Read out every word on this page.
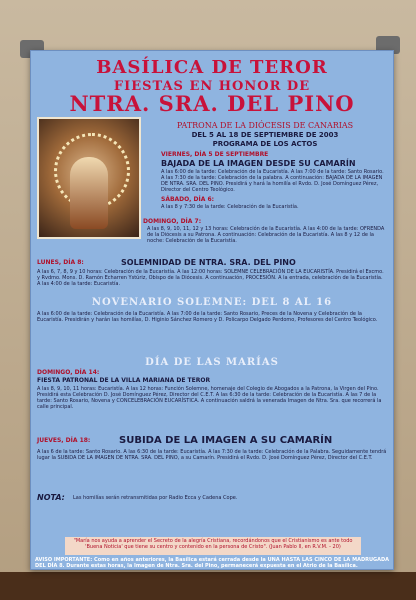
BASÍLICA DE TEROR
FIESTAS EN HONOR DE
NTRA. SRA. DEL PINO
PATRONA DE LA DIÓCESIS DE CANARIAS
DEL 5 AL 18 DE SEPTIEMBRE DE 2003
PROGRAMA DE LOS ACTOS
VIERNES, DÍA 5 DE SEPTIEMBRE
BAJADA DE LA IMAGEN DESDE SU CAMARÍN
A las 6:00 de la tarde: Celebración de la Eucaristía. A las 7:00 de la tarde: Santo Rosario. A las 7:30 de la tarde: Celebración de la palabra. A continuación: BAJADA DE LA IMAGEN DE NTRA. SRA. DEL PINO. Presidirá y hará la homilía el Rvdo. D. José Domínguez Pérez, Director del Centro Teológico.
SÁBADO, DÍA 6:
A las 8 y 7:30 de la tarde: Celebración de la Eucaristía.
DOMINGO, DÍA 7:
A las 8, 9, 10, 11, 12 y 13 horas: Celebración de la Eucaristía. A las 4:00 de la tarde: OFRENDA de la Diócesis a su Patrona. A continuación: Celebración de la Eucaristía. A las 8 y 12 de la noche: Celebración de la Eucaristía.
LUNES, DÍA 8:	SOLEMNIDAD DE NTRA. SRA. DEL PINO
A las 6, 7, 8, 9 y 10 horas: Celebración de la Eucaristía. A las 12:00 horas: SOLEMNE CELEBRACIÓN DE LA EUCARISTÍA. Presidirá el Excmo. y Rvdmo. Mons. D. Ramón Echarren Ystúriz, Obispo de la Diócesis. A continuación, PROCESIÓN. A la entrada, celebración de la Eucaristía. A las 4:00 de la tarde: Eucaristía.
NOVENARIO SOLEMNE: DEL 8 AL 16
A las 6:00 de la tarde: Celebración de la Eucaristía. A las 7:00 de la tarde: Santo Rosario, Preces de la Novena y Celebración de la Eucaristía. Presidirán y harán las homilías, D. Higinio Sánchez Romero y D. Policarpo Delgado Perdomo, Profesores del Centro Teológico.
DÍA DE LAS MARÍAS
DOMINGO, DÍA 14:
FIESTA PATRONAL DE LA VILLA MARIANA DE TEROR
A las 8, 9, 10, 11 horas: Eucaristía. A las 12 horas: Función Solemne, homenaje del Colegio de Abogados a la Patrona, la Virgen del Pino. Presidirá esta Celebración D. José Domínguez Pérez, Director del C.E.T. A las 6:30 de la tarde: Celebración de la Eucaristía. A las 7 de la tarde: Santo Rosario, Novena y CONCELEBRACIÓN EUCARÍSTICA. A continuación saldrá la venerada Imagen de Ntra. Sra. que recorrerá la calle principal.
JUEVES, DÍA 18:	SUBIDA DE LA IMAGEN A SU CAMARÍN
A las 6 de la tarde: Santo Rosario. A las 6:30 de la tarde: Eucaristía. A las 7:30 de la tarde: Celebración de la Palabra. Seguidamente tendrá lugar la SUBIDA DE LA IMAGEN DE NTRA. SRA. DEL PINO, a su Camarín. Presidirá el Rvdo. D. José Domínguez Pérez, Director del C.E.T.
NOTA: Las homilías serán retransmitidas por Radio Ecca y Cadena Cope.
"María nos ayuda a aprender el Secreto de la alegría Cristiana, recordándonos que el Cristianismo es ante todo 'Buena Noticia' que tiene su centro y contenido en la persona de Cristo". (Juan Pablo II, en R.V.M. - 20)
AVISO IMPORTANTE: Como en años anteriores, la Basílica estará cerrada desde la UNA HASTA LAS CINCO DE LA MADRUGADA DEL DÍA 8. Durante estas horas, la Imagen de Ntra. Sra. del Pino, permanecerá expuesta en el Atrio de la Basílica.
